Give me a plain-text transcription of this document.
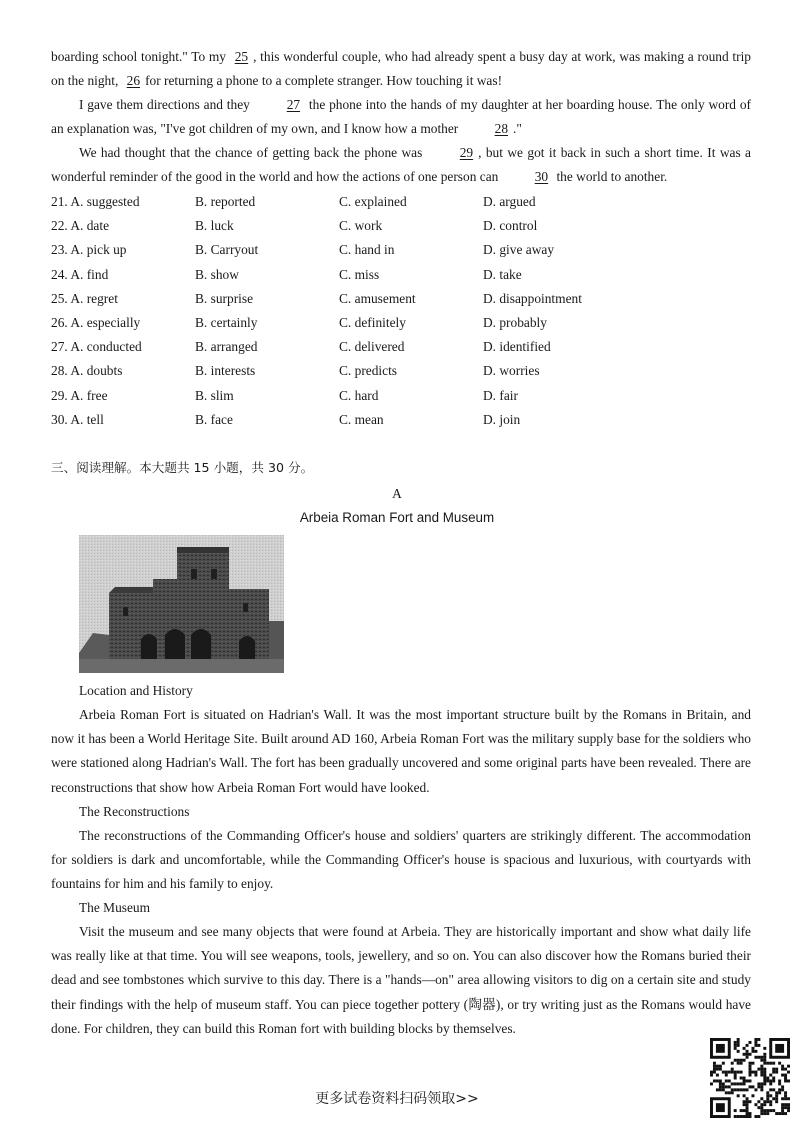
boarding school tonight." To my 25 , this wonderful couple, who had already spent a busy day at work, was making a round trip on the night, 26 for returning a phone to a complete stranger. How touching it was!

I gave them directions and they 27 the phone into the hands of my daughter at her boarding house. The only word of an explanation was, "I've got children of my own, and I know how a mother 28 ."

We had thought that the chance of getting back the phone was 29 , but we got it back in such a short time. It was a wonderful reminder of the good in the world and how the actions of one person can 30 the world to another.

21. A. suggested	B. reported	C. explained	D. argued
22. A. date	B. luck	C. work	D. control
23. A. pick up	B. Carryout	C. hand in	D. give away
24. A. find	B. show	C. miss	D. take
25. A. regret	B. surprise	C. amusement	D. disappointment
26. A. especially	B. certainly	C. definitely	D. probably
27. A. conducted	B. arranged	C. delivered	D. identified
28. A. doubts	B. interests	C. predicts	D. worries
29. A. free	B. slim	C. hard	D. fair
30. A. tell	B. face	C. mean	D. join
三、阅读理解。本大题共 15 小题，共 30 分。
A
Arbeia Roman Fort and Museum
Location and History

Arbeia Roman Fort is situated on Hadrian's Wall. It was the most important structure built by the Romans in Britain, and now it has been a World Heritage Site. Built around AD 160, Arbeia Roman Fort was the military supply base for the soldiers who were stationed along Hadrian's Wall. The fort has been gradually uncovered and some original parts have been revealed. There are reconstructions that show how Arbeia Roman Fort would have looked.

The Reconstructions

The reconstructions of the Commanding Officer's house and soldiers' quarters are strikingly different. The accommodation for soldiers is dark and uncomfortable, while the Commanding Officer's house is spacious and luxurious, with courtyards with fountains for him and his family to enjoy.

The Museum

Visit the museum and see many objects that were found at Arbeia. They are historically important and show what daily life was really like at that time. You will see weapons, tools, jewellery, and so on. You can also discover how the Romans buried their dead and see tombstones which survive to this day. There is a "hands—on" area allowing visitors to dig on a certain site and study their findings with the help of museum staff. You can piece together pottery (陶器), or try writing just as the Romans would have done. For children, they can build this Roman fort with building blocks by themselves.

更多试卷资料扫码领取>>
